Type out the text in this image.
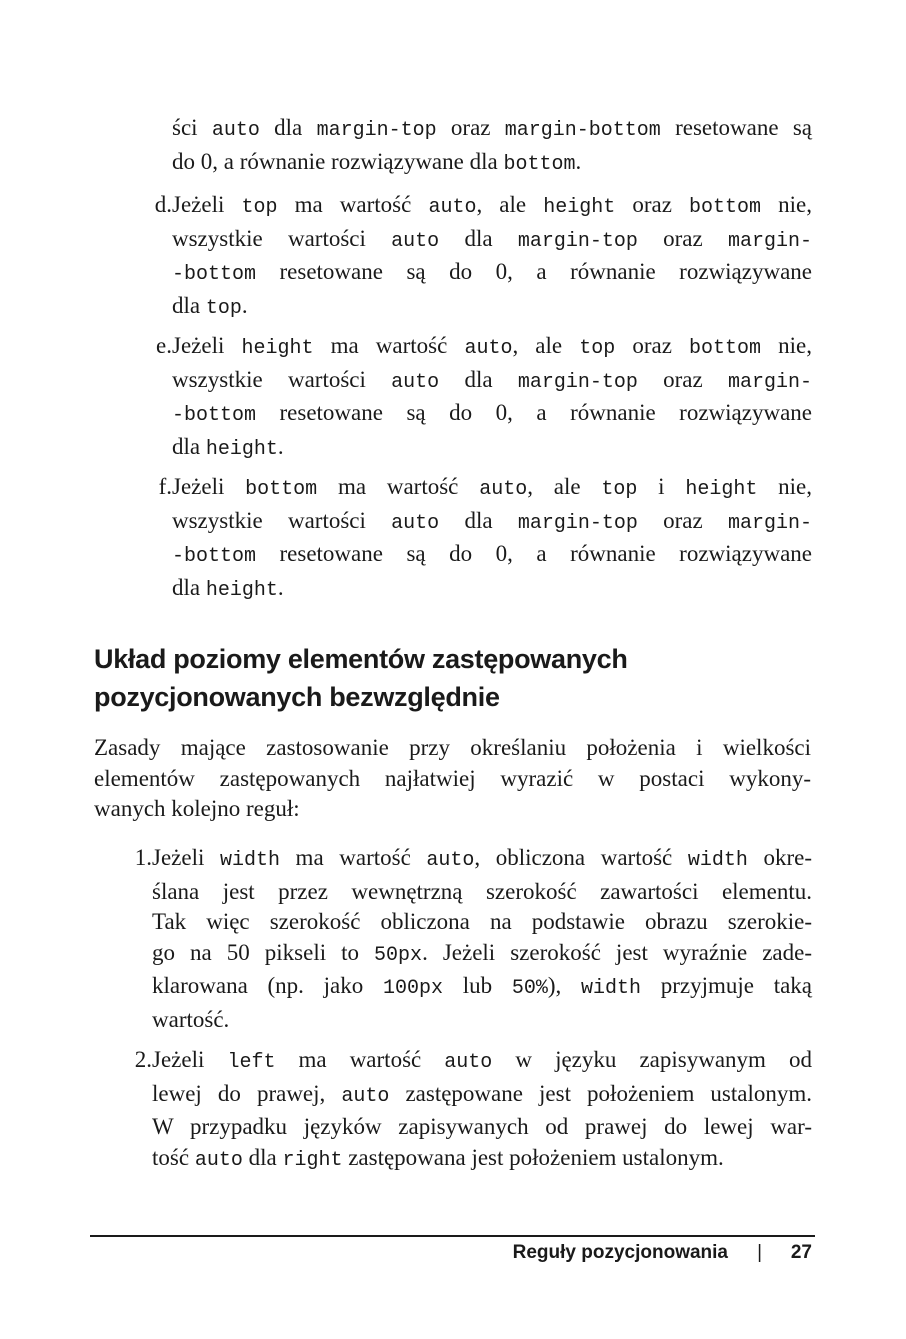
ści auto dla margin-top oraz margin-bottom resetowane są
do 0, a równanie rozwiązywane dla bottom.
d. Jeżeli top ma wartość auto, ale height oraz bottom nie,
wszystkie wartości auto dla margin-top oraz margin-
-bottom resetowane są do 0, a równanie rozwiązywane
dla top.
e. Jeżeli height ma wartość auto, ale top oraz bottom nie,
wszystkie wartości auto dla margin-top oraz margin-
-bottom resetowane są do 0, a równanie rozwiązywane
dla height.
f. Jeżeli bottom ma wartość auto, ale top i height nie,
wszystkie wartości auto dla margin-top oraz margin-
-bottom resetowane są do 0, a równanie rozwiązywane
dla height.
Układ poziomy elementów zastępowanych
pozycjonowanych bezwzględnie
Zasady mające zastosowanie przy określaniu położenia i wielkości
elementów zastępowanych najłatwiej wyrazić w postaci wykony-
wanych kolejno reguł:
1. Jeżeli width ma wartość auto, obliczona wartość width okre-
ślana jest przez wewnętrzną szerokość zawartości elementu.
Tak więc szerokość obliczona na podstawie obrazu szerokie-
go na 50 pikseli to 50px. Jeżeli szerokość jest wyraźnie zade-
klarowana (np. jako 100px lub 50%), width przyjmuje taką
wartość.
2. Jeżeli left ma wartość auto w języku zapisywanym od
lewej do prawej, auto zastępowane jest położeniem ustalonym.
W przypadku języków zapisywanych od prawej do lewej war-
tość auto dla right zastępowana jest położeniem ustalonym.
Reguły pozycjonowania | 27
